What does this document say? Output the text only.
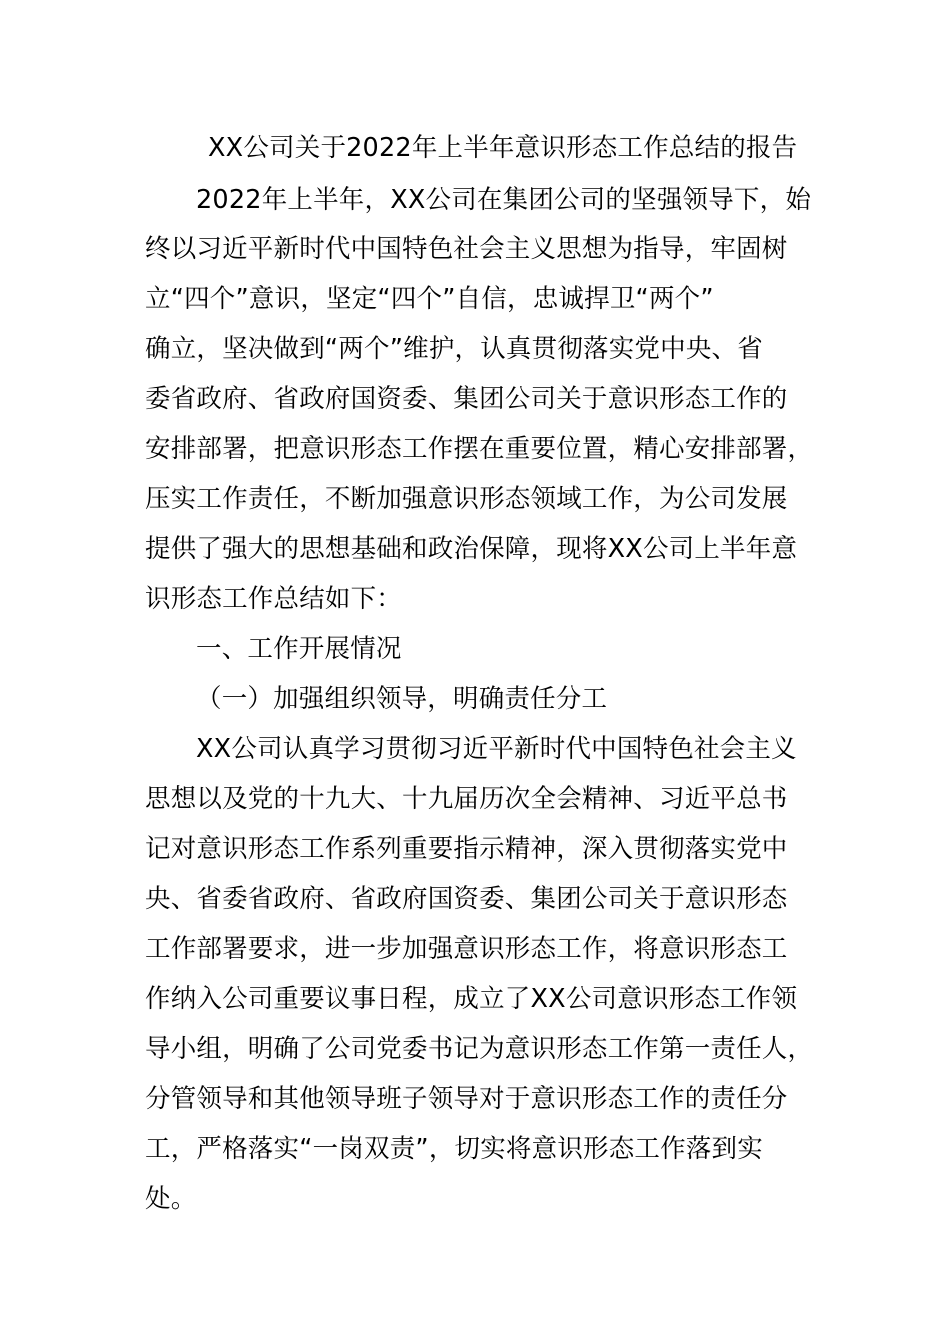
XX公司关于2022年上半年意识形态工作总结的报告
2022年上半年，XX公司在集团公司的坚强领导下，始
终以习近平新时代中国特色社会主义思想为指导，牢固树
立“四个”意识，坚定“四个”自信，忠诚捍卫“两个”
确立，坚决做到“两个”维护，认真贯彻落实党中央、省
委省政府、省政府国资委、集团公司关于意识形态工作的
安排部署，把意识形态工作摆在重要位置，精心安排部署，
压实工作责任，不断加强意识形态领域工作，为公司发展
提供了强大的思想基础和政治保障，现将XX公司上半年意
识形态工作总结如下：
一、工作开展情况
（一）加强组织领导，明确责任分工
XX公司认真学习贯彻习近平新时代中国特色社会主义
思想以及党的十九大、十九届历次全会精神、习近平总书
记对意识形态工作系列重要指示精神，深入贯彻落实党中
央、省委省政府、省政府国资委、集团公司关于意识形态
工作部署要求，进一步加强意识形态工作，将意识形态工
作纳入公司重要议事日程，成立了XX公司意识形态工作领
导小组，明确了公司党委书记为意识形态工作第一责任人，
分管领导和其他领导班子领导对于意识形态工作的责任分
工，严格落实“一岗双责”，切实将意识形态工作落到实
处。
